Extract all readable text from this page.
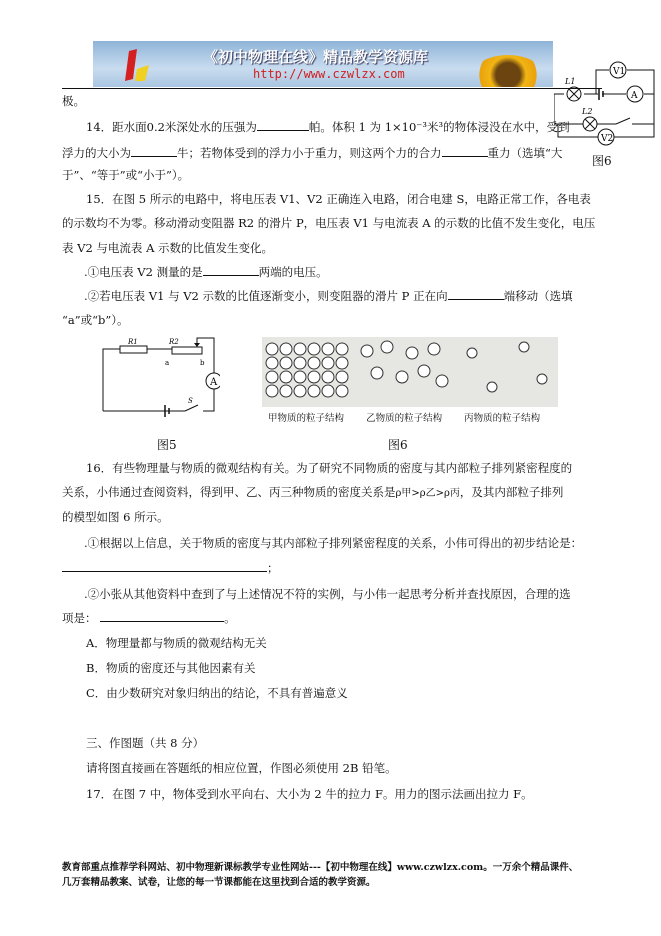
《初中物理在线》精品教学资源库
http://www.czwlzx.com
L1
L2
V1
A
V2
图6
极。
14．距水面0.2米深处水的压强为	帕。体积 1 为 1×10⁻³米³的物体浸没在水中，受到
浮力的大小为	牛；若物体受到的浮力小于重力，则这两个力的合力	重力（选填“大
于”、“等于”或“小于”）。
15．在图 5 所示的电路中，将电压表 V1、V2 正确连入电路，闭合电建 S，电路正常工作，各电表
的示数均不为零。移动滑动变阻器 R2 的滑片 P，电压表 V1 与电流表 A 的示数的比值不发生变化，电压
表 V2 与电流表 A 示数的比值发生变化。
.①电压表 V2 测量的是	两端的电压。
.②若电压表 V1 与 V2 示数的比值逐渐变小，则变阻器的滑片 P 正在向	端移动（选填
“a”或“b”）。
R1	R2
a	b
A
S
图5
甲物质的粒子结构 乙物质的粒子结构 丙物质的粒子结构
图6
16．有些物理量与物质的微观结构有关。为了研究不同物质的密度与其内部粒子排列紧密程度的
关系，小伟通过查阅资料，得到甲、乙、丙三种物质的密度关系是ρ甲>ρ乙>ρ丙，及其内部粒子排列
的模型如图 6 所示。
.①根据以上信息，关于物质的密度与其内部粒子排列紧密程度的关系，小伟可得出的初步结论是：
；
.②小张从其他资料中查到了与上述情况不符的实例，与小伟一起思考分析并查找原因，合理的选
项是：	。
A．物理量都与物质的微观结构无关
B．物质的密度还与其他因素有关
C．由少数研究对象归纳出的结论，不具有普遍意义
三、作图题（共 8 分）
请将图直接画在答题纸的相应位置，作图必须使用 2B 铅笔。
17．在图 7 中，物体受到水平向右、大小为 2 牛的拉力 F。用力的图示法画出拉力 F。
教育部重点推荐学科网站、初中物理新课标教学专业性网站---【初中物理在线】www.czwlzx.com。一万余个精品课件、
几万套精品教案、试卷，让您的每一节课都能在这里找到合适的教学资源。
